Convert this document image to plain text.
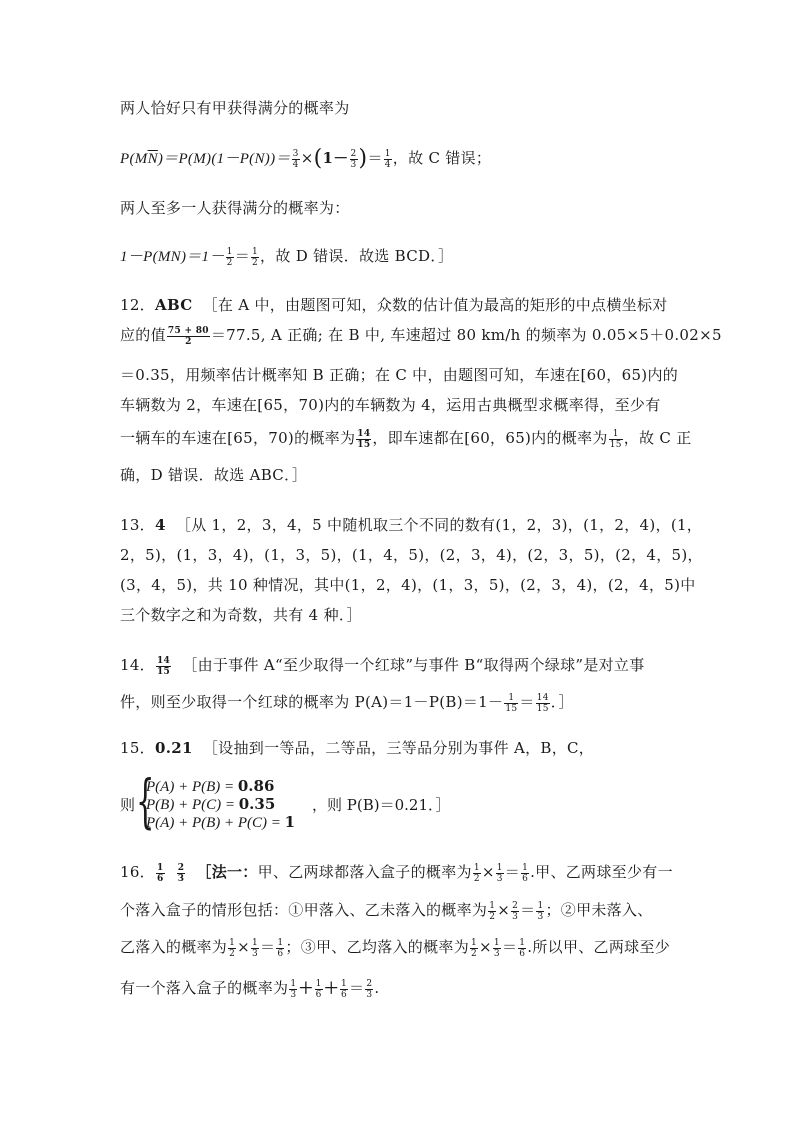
两人恰好只有甲获得满分的概率为
$P(M\overline{N})=P(M)(1-P(N))= \frac{3}{4} \times(1- \frac{2}{3}$ )＝ $\frac{1}{4}$ ，故 C 错误；
两人至多一人获得满分的概率为：
$1-P(MN)=1- \frac{1}{2} = \frac{1}{2}$ ，故 D 错误．故选 BCD．］
12．ABC ［在 A 中，由题图可知，众数的估计值为最高的矩形的中点横坐标对
应的值 $\frac{75 + 80}{2} =77.5$, A 正确; 在 B 中, 车速超过 80 km/h 的频率为 0.05×5＋0.02×5
＝0.35，用频率估计概率知 B 正确；在 C 中，由题图可知，车速在[60，65)内的
车辆数为 2，车速在[65，70)内的车辆数为 4，运用古典概型求概率得，至少有
一辆车的车速在[65，70)的概率为 $\frac{14}{15}$ ，即车速都在[60，65)内的概率为 $\frac{1}{15}$ ，故 C 正
确，D 错误．故选 ABC．］
13．4 ［从 1，2，3，4，5 中随机取三个不同的数有(1，2，3)，(1，2，4)，(1，
2，5)，(1，3，4)，(1，3，5)，(1，4，5)，(2，3，4)，(2，3，5)，(2，4，5)，
(3，4，5)，共 10 种情况，其中(1，2，4)，(1，3，5)，(2，3，4)，(2，4，5)中
三个数字之和为奇数，共有 4 种．］
14． $\frac{14}{15}$ ［由于事件 A“至少取得一个红球”与事件 B“取得两个绿球”是对立事
件，则至少取得一个红球的概率为 $P(A)=1-P(B)=1- \frac{1}{15} = \frac{14}{15}$ ．］
15．0.21 ［设抽到一等品，二等品，三等品分别为事件 A，B，C，
则 {
P(A) + P(B) = 0.86
P(B) + P(C) = 0.35
P(A) + P(B) + P(C) = 1
，则 P(B)＝0.21．］
16． $\frac{1}{6}$
$\frac{2}{3}$ ［法一：甲、乙两球都落入盒子的概率为 $\frac{1}{2} \times \frac{1}{3} = \frac{1}{6}$ .甲、乙两球至少有一
个落入盒子的情形包括：①甲落入、乙未落入的概率为 $\frac{1}{2} \times \frac{2}{3} = \frac{1}{3}$ ；②甲未落入、
乙落入的概率为 $\frac{1}{2} \times \frac{1}{3} = \frac{1}{6}$ ；③甲、乙均落入的概率为 $\frac{1}{2} \times \frac{1}{3} = \frac{1}{6}$ .所以甲、乙两球至少
有一个落入盒子的概率为 $\frac{1}{3} + \frac{1}{6} + \frac{1}{6} = \frac{2}{3}$ .
